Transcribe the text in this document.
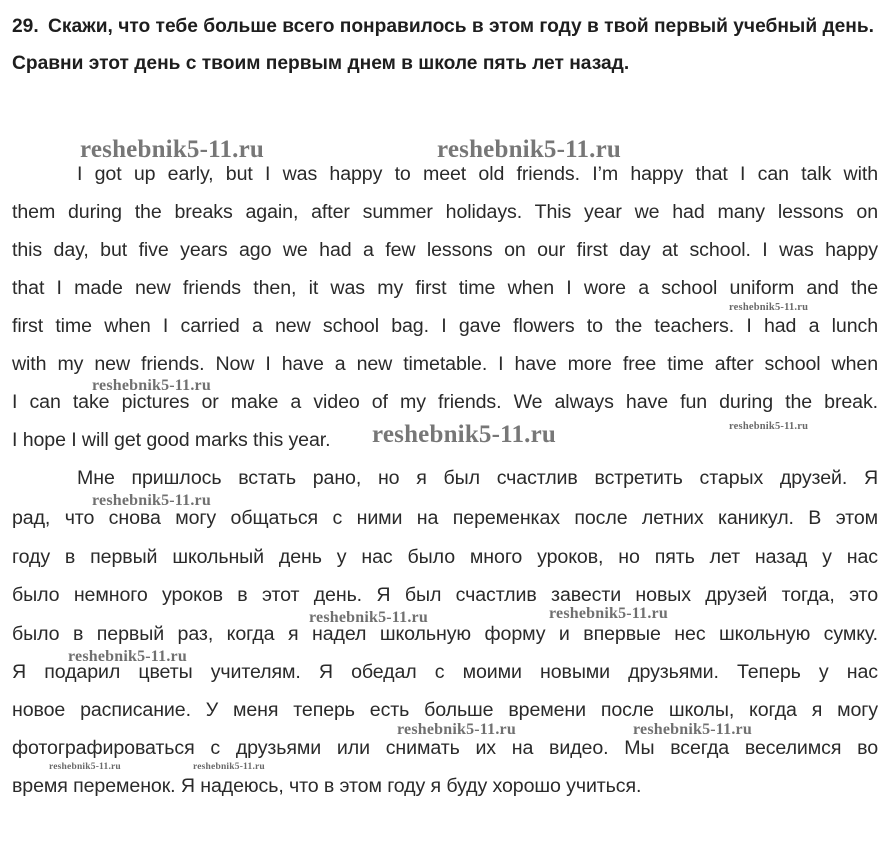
29. Скажи, что тебе больше всего понравилось в этом году в твой первый учебный день. Сравни этот день с твоим первым днем в школе пять лет назад.
I got up early, but I was happy to meet old friends. I’m happy that I can talk with
them during the breaks again, after summer holidays. This year we had many lessons on
this day, but five years ago we had a few lessons on our first day at school. I was happy
that I made new friends then, it was my first time when I wore a school uniform and the
first time when I carried a new school bag. I gave flowers to the teachers. I had a lunch
with my new friends. Now I have a new timetable. I have more free time after school when
I can take pictures or make a video of my friends. We always have fun during the break.
I hope I will get good marks this year.
Мне пришлось встать рано, но я был счастлив встретить старых друзей. Я
рад, что снова могу общаться с ними на переменках после летних каникул. В этом
году в первый школьный день у нас было много уроков, но пять лет назад у нас
было немного уроков в этот день. Я был счастлив завести новых друзей тогда, это
было в первый раз, когда я надел школьную форму и впервые нес школьную сумку.
Я подарил цветы учителям. Я обедал с моими новыми друзьями. Теперь у нас
новое расписание. У меня теперь есть больше времени после школы, когда я могу
фотографироваться с друзьями или снимать их на видео. Мы всегда веселимся во
время переменок. Я надеюсь, что в этом году я буду хорошо учиться.
reshebnik5-11.ru	reshebnik5-11.ru
reshebnik5-11.ru
reshebnik5-11.ru
reshebnik5-11.ru	reshebnik5-11.ru
reshebnik5-11.ru
reshebnik5-11.ru	reshebnik5-11.ru
reshebnik5-11.ru
reshebnik5-11.ru	reshebnik5-11.ru
reshebnik5-11.ru	reshebnik5-11.ru
